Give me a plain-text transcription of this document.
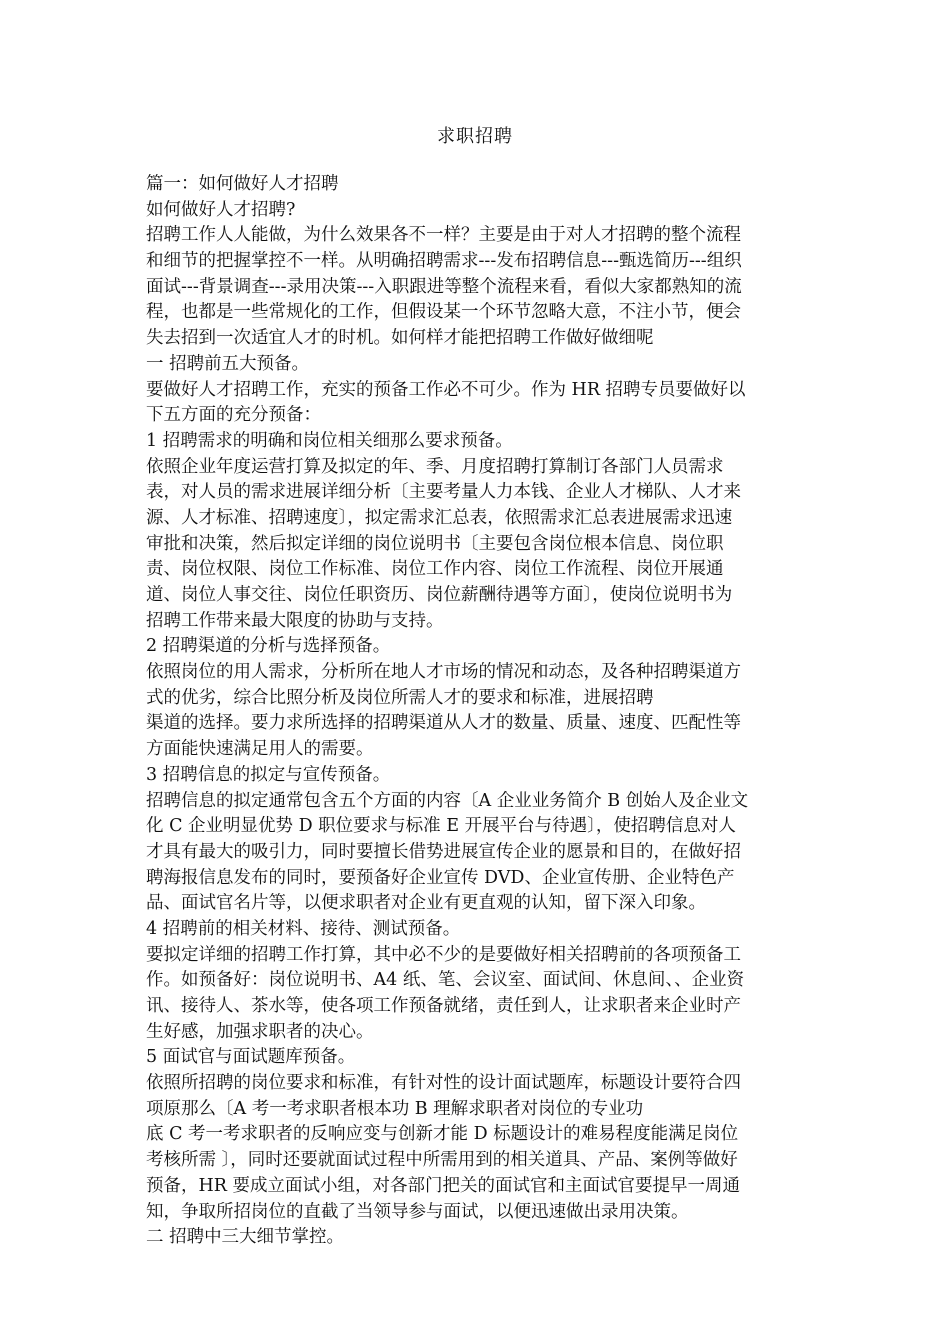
求职招聘
篇一：如何做好人才招聘
如何做好人才招聘?
招聘工作人人能做，为什么效果各不一样？主要是由于对人才招聘的整个流程
和细节的把握掌控不一样。从明确招聘需求---发布招聘信息---甄选简历---组织
面试---背景调查---录用决策---入职跟进等整个流程来看，看似大家都熟知的流
程，也都是一些常规化的工作，但假设某一个环节忽略大意，不注小节，便会
失去招到一次适宜人才的时机。如何样才能把招聘工作做好做细呢
一 招聘前五大预备。
要做好人才招聘工作，充实的预备工作必不可少。作为 HR 招聘专员要做好以
下五方面的充分预备：
1 招聘需求的明确和岗位相关细那么要求预备。
依照企业年度运营打算及拟定的年、季、月度招聘打算制订各部门人员需求
表，对人员的需求进展详细分析〔主要考量人力本钱、企业人才梯队、人才来
源、人才标准、招聘速度〕，拟定需求汇总表，依照需求汇总表进展需求迅速
审批和决策，然后拟定详细的岗位说明书〔主要包含岗位根本信息、岗位职
责、岗位权限、岗位工作标准、岗位工作内容、岗位工作流程、岗位开展通
道、岗位人事交往、岗位任职资历、岗位薪酬待遇等方面〕，使岗位说明书为
招聘工作带来最大限度的协助与支持。
2 招聘渠道的分析与选择预备。
依照岗位的用人需求，分析所在地人才市场的情况和动态，及各种招聘渠道方
式的优劣，综合比照分析及岗位所需人才的要求和标准，进展招聘
渠道的选择。要力求所选择的招聘渠道从人才的数量、质量、速度、匹配性等
方面能快速满足用人的需要。
3 招聘信息的拟定与宣传预备。
招聘信息的拟定通常包含五个方面的内容〔A 企业业务简介 B 创始人及企业文
化 C 企业明显优势 D 职位要求与标准 E 开展平台与待遇〕，使招聘信息对人
才具有最大的吸引力，同时要擅长借势进展宣传企业的愿景和目的，在做好招
聘海报信息发布的同时，要预备好企业宣传 DVD、企业宣传册、企业特色产
品、面试官名片等，以便求职者对企业有更直观的认知，留下深入印象。
4 招聘前的相关材料、接待、测试预备。
要拟定详细的招聘工作打算，其中必不少的是要做好相关招聘前的各项预备工
作。如预备好：岗位说明书、A4 纸、笔、会议室、面试间、休息间、、企业资
讯、接待人、茶水等，使各项工作预备就绪，责任到人，让求职者来企业时产
生好感，加强求职者的决心。
5 面试官与面试题库预备。
依照所招聘的岗位要求和标准，有针对性的设计面试题库，标题设计要符合四
项原那么〔A 考一考求职者根本功 B 理解求职者对岗位的专业功
底 C 考一考求职者的反响应变与创新才能 D 标题设计的难易程度能满足岗位
考核所需 〕，同时还要就面试过程中所需用到的相关道具、产品、案例等做好
预备，HR 要成立面试小组，对各部门把关的面试官和主面试官要提早一周通
知，争取所招岗位的直截了当领导参与面试，以便迅速做出录用决策。
二 招聘中三大细节掌控。
